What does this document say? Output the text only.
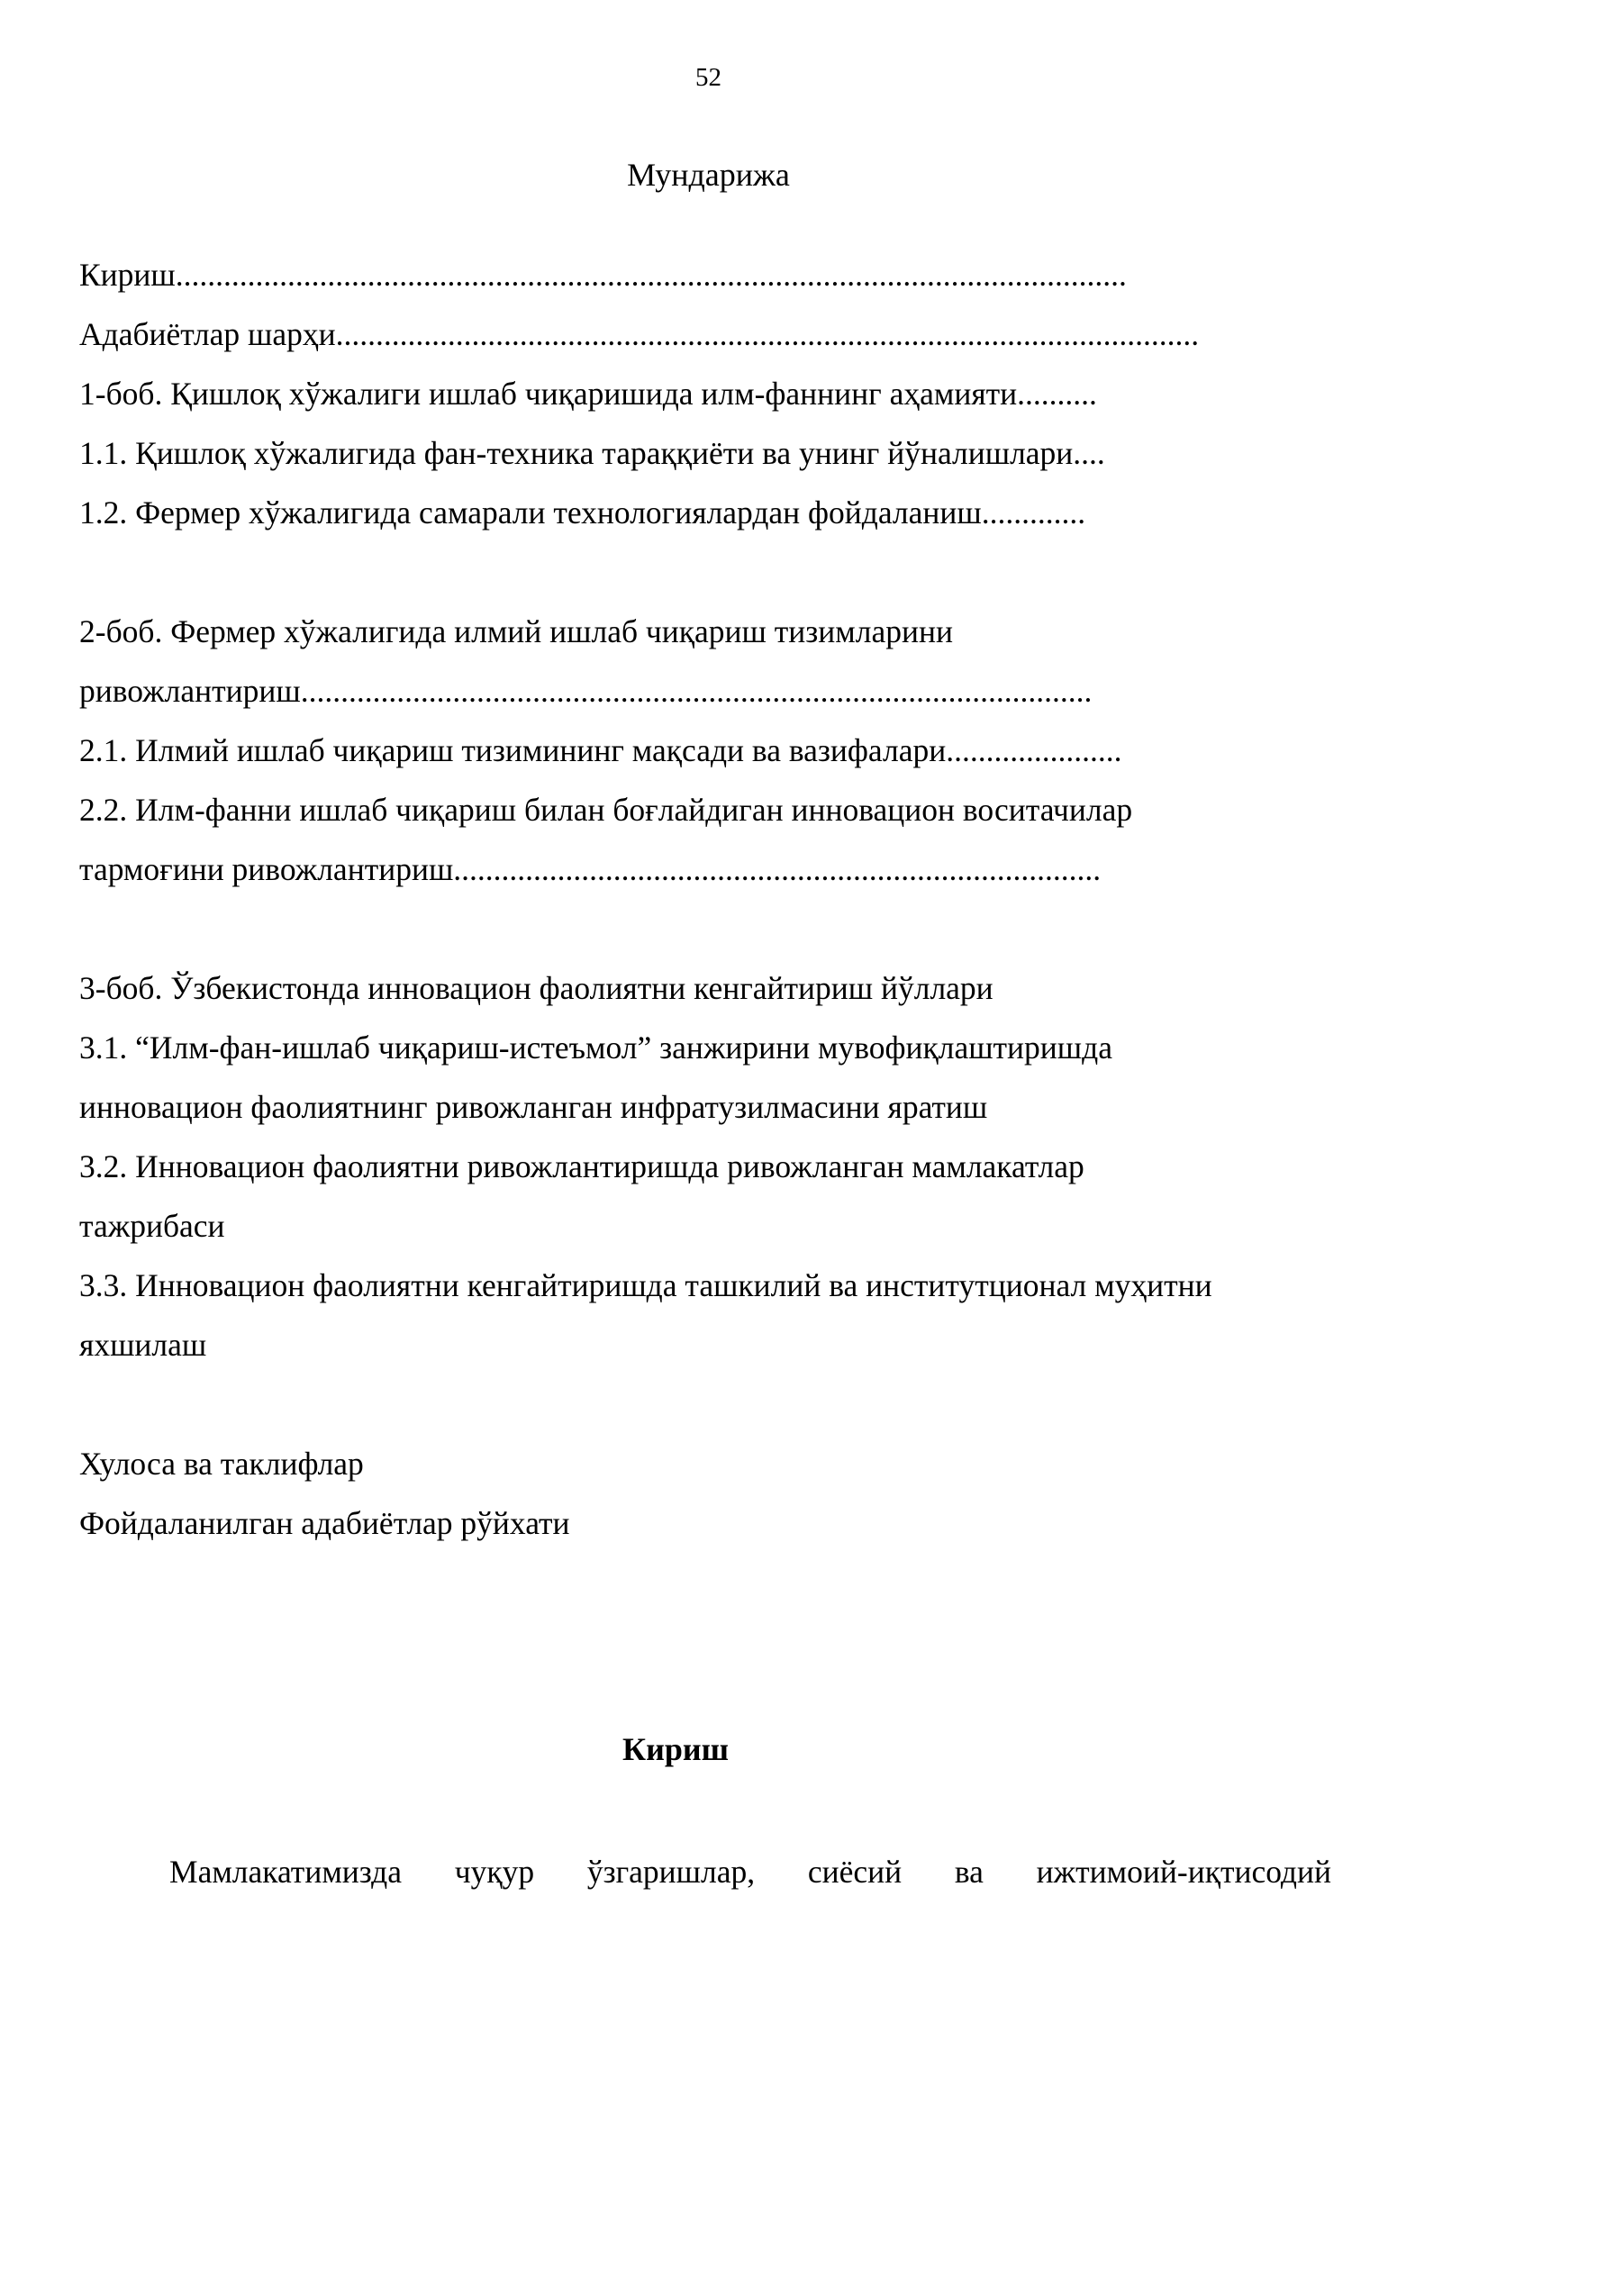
52
Мундарижа
Кириш.......................................................................................................................
Адабиётлар шарҳи............................................................................................................
1-боб. Қишлоқ хўжалиги ишлаб чиқаришида илм-фаннинг аҳамияти..........
1.1. Қишлоқ хўжалигида фан-техника тараққиёти ва унинг йўналишлари....
1.2. Фермер хўжалигида самарали технологиялардан фойдаланиш.............
2-боб. Фермер хўжалигида илмий ишлаб чиқариш тизимларини
ривожлантириш...................................................................................................
2.1. Илмий ишлаб чиқариш тизимининг мақсади ва вазифалари......................
2.2. Илм-фанни ишлаб чиқариш билан боғлайдиган инновацион воситачилар
тармоғини ривожлантириш.................................................................................
3-боб. Ўзбекистонда инновацион фаолиятни кенгайтириш йўллари
3.1. “Илм-фан-ишлаб чиқариш-истеъмол” занжирини мувофиқлаштиришда
инновацион фаолиятнинг ривожланган инфратузилмасини яратиш
3.2. Инновацион фаолиятни ривожлантиришда ривожланган мамлакатлар
тажрибаси
3.3. Инновацион фаолиятни кенгайтиришда ташкилий ва институтционал муҳитни
яхшилаш
Хулоса ва таклифлар
Фойдаланилган адабиётлар рўйхати
Кириш
Мамлакатимизда чуқур ўзгаришлар, сиёсий ва ижтимоий-иқтисодий
